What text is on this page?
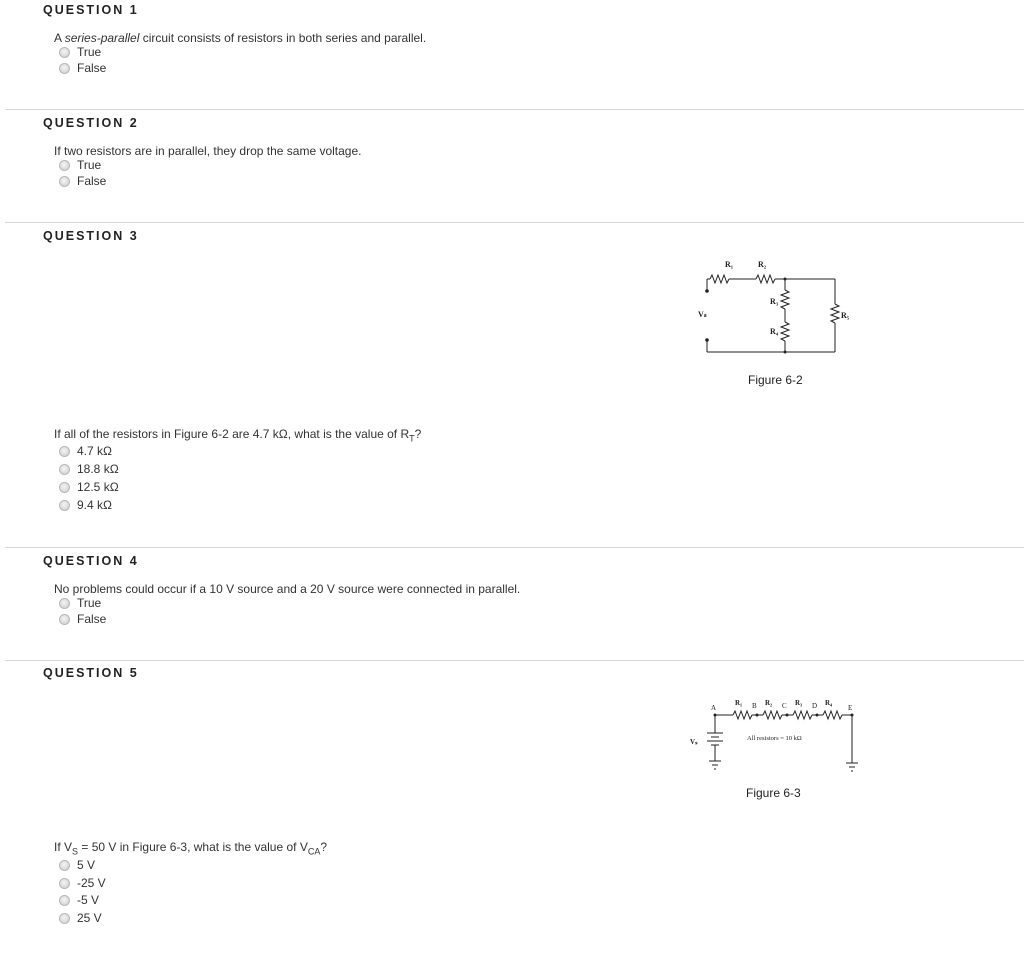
QUESTION 1
A series-parallel circuit consists of resistors in both series and parallel.
True
False
QUESTION 2
If two resistors are in parallel, they drop the same voltage.
True
False
QUESTION 3
R₁	R₂
R₃
R₄
R₅
Vₛ
Figure 6-2
If all of the resistors in Figure 6-2 are 4.7 kΩ, what is the value of $R_T$?
4.7 kΩ
18.8 kΩ
12.5 kΩ
9.4 kΩ
QUESTION 4
No problems could occur if a 10 V source and a 20 V source were connected in parallel.
True
False
QUESTION 5
A
R₁ B R₂ C R₃ D R₄
E
Vₛ	All resistors = 10 kΩ
Figure 6-3
If $V_S = 50$ V in Figure 6-3, what is the value of $V_{CA}$?
5 V
-25 V
-5 V
25 V
